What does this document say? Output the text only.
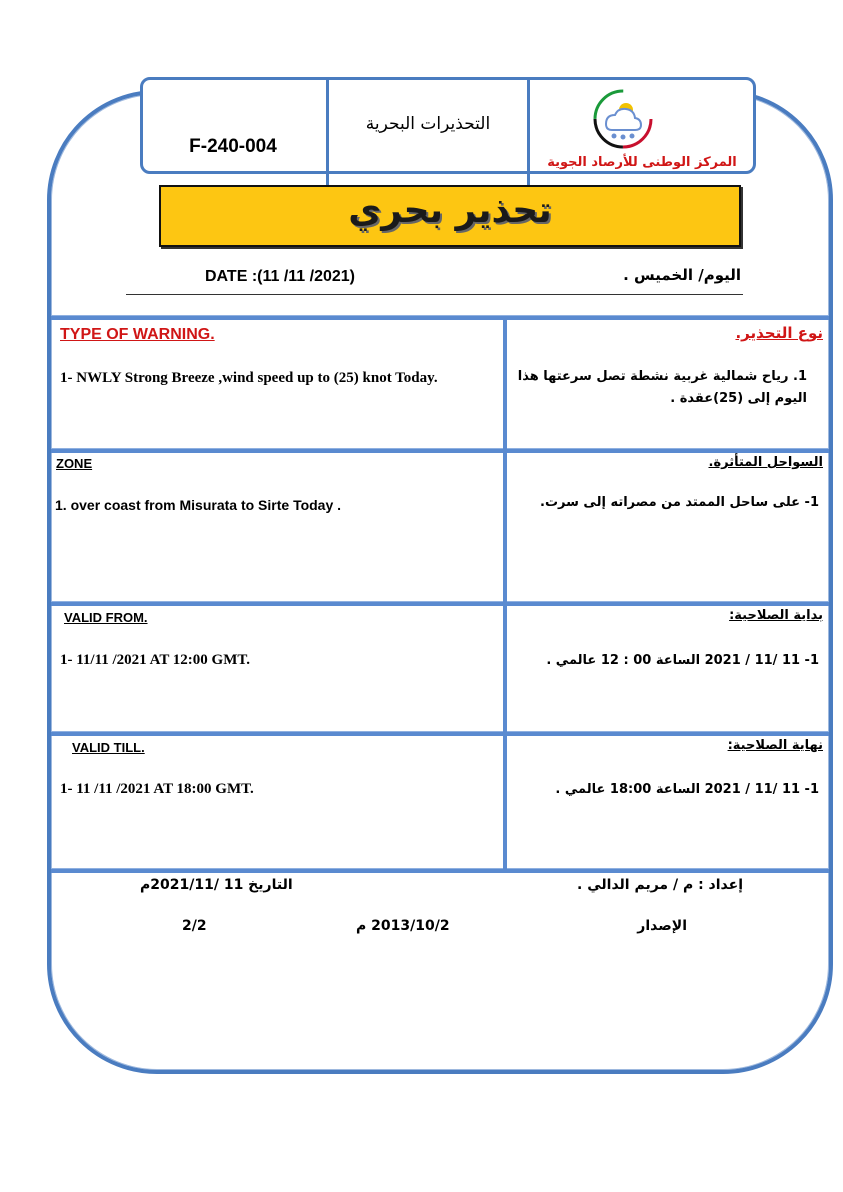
F-240-004
التحذيرات البحرية
المركز الوطنى للأرصاد الجوية
تحذير بحري
DATE :(11 /11 /2021)	اليوم/ الخميس .
TYPE OF WARNING.	نوع التحذير.
1- NWLY Strong Breeze ,wind speed up to (25) knot Today.	1. رياح شمالية غربية نشطة تصل سرعتها هذا اليوم إلى (25)عقدة .
ZONE	السواحل المتأثرة.
1. over coast from Misurata to Sirte Today .	1- على ساحل الممتد من مصراته إلى سرت.
VALID FROM.	بداية الصلاحية:
1- 11/11 /2021 AT 12:00 GMT.	1- 11 /11 / 2021 الساعة 00 : 12 عالمي .
VALID TILL.	نهاية الصلاحية:
1- 11 /11 /2021 AT 18:00 GMT.	1- 11 /11 / 2021 الساعة 18:00 عالمي .
إعداد : م / مريم الدالي .
التاريخ 11 /2021/11م
الإصدار
2013/10/2 م
2/2
